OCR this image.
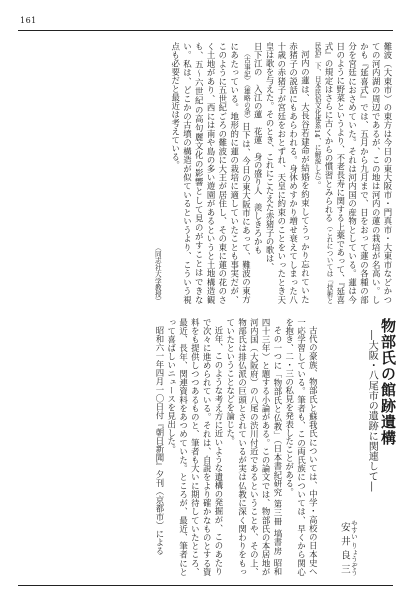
161

難波（大東市）の東方は今日の東大阪市・門真市・大東市などかつての河内湖の周辺であるが、この地は河内の蓮の栽培が名高い。しかも『延喜式』では、五月から九月まで、日をおって蓮の各種の部分を宮廷におさめていた。それは河内国の産物としている。蓮は今日のように野菜というより、不老長寿に関する上薬であって、『延喜式』の規定はさらに古くからの慣習とみられる（これについては『技術と民俗』下、日本民俗文化体系14、に解説した）。

河内の蓮は、大長谷若建命が結婚を約束してうっかり忘れていた赤猪子の説話にもあらわれる。身休めすかり増せ衰えてしまった八十歳の赤猪子が宮廷をおとずれ、天皇に約束のことをいったとき天皇は歌を与えた。そのとき、これにこたえた赤猪子の歌は、

日下江の　入江の蓮　花蓮　身の盛り人　羨しきろかも

（古事記）（雄略の条）日下は、今日の東大阪市にあって、難波の東方にあたっている。地形的に蓮の栽培に適していたことも事実だが、このように五世紀ごろの難波に大王が居住し、その東に蓮の花のさく土地があり、西には南や島の多い遊園があるというと土地構造観も、五〜六世紀の高句麗文化の影響として見のがすことはできない。私は、どこかの古墳の構造が似ているというより、こういう視点も必要だと最近は考えている。

（同志社大学教授）

物部氏の館跡遺構

―大阪・八尾市の遺跡に関連して―

安井良三 やすい りょうぞう

古代の豪族、物部氏と蘇我氏については、中学・高校の日本史へ一応学習している。筆者も、この両氏族については、早くから関心を抱き、二・三の私見を発表したことがある。

その一つに「物部氏と仏教」（日本書紀研究 第三冊 塙書房 昭和四十三年）と題する小論がある。この論文では、物部氏の本居地が河内国（大阪府）の八尾の渋川付近であるということや、その上、物部氏は排仏派の巨頭とされているが実は仏教に深く関わりをもっていたということなどを論じた。

近年、このような考え方に近いような遺構の発掘が、このあたりで次々に進められている。それは、自説をより確かなものとする資料をも提供しつつあるものと、筆者も大いに期待していたところ、最近、長年、関連資料をあつめていた。ところが、最近、筆者にとって喜ばしいニュースを見出した。

昭和六一年四月一〇日付『朝日新聞』夕刊（京都市）による
